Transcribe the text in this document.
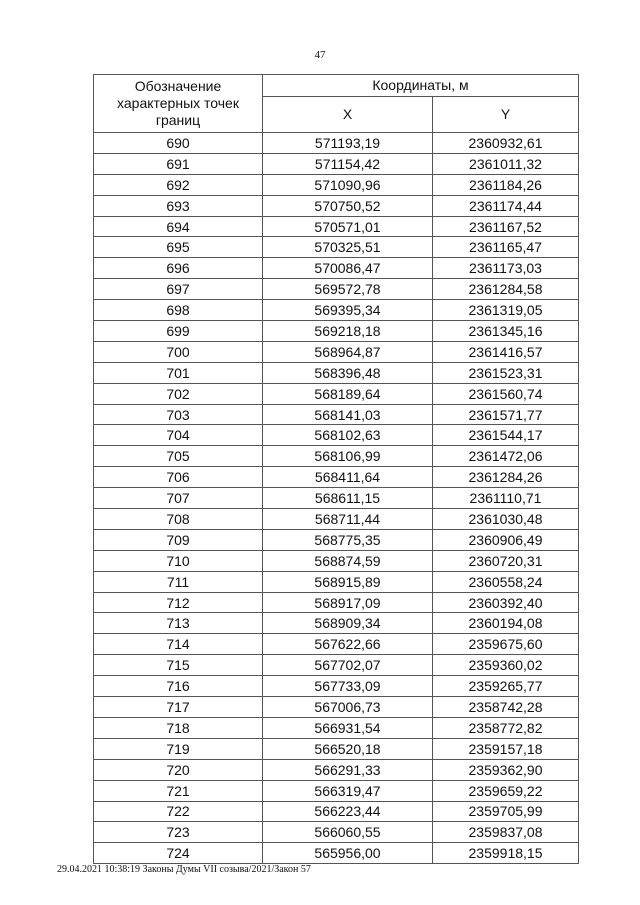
47
Обозначение характерных точек границ	Координаты, м	
	X	Y
690	571193,19	2360932,61
691	571154,42	2361011,32
692	571090,96	2361184,26
693	570750,52	2361174,44
694	570571,01	2361167,52
695	570325,51	2361165,47
696	570086,47	2361173,03
697	569572,78	2361284,58
698	569395,34	2361319,05
699	569218,18	2361345,16
700	568964,87	2361416,57
701	568396,48	2361523,31
702	568189,64	2361560,74
703	568141,03	2361571,77
704	568102,63	2361544,17
705	568106,99	2361472,06
706	568411,64	2361284,26
707	568611,15	2361110,71
708	568711,44	2361030,48
709	568775,35	2360906,49
710	568874,59	2360720,31
711	568915,89	2360558,24
712	568917,09	2360392,40
713	568909,34	2360194,08
714	567622,66	2359675,60
715	567702,07	2359360,02
716	567733,09	2359265,77
717	567006,73	2358742,28
718	566931,54	2358772,82
719	566520,18	2359157,18
720	566291,33	2359362,90
721	566319,47	2359659,22
722	566223,44	2359705,99
723	566060,55	2359837,08
724	565956,00	2359918,15
29.04.2021 10:38:19 Законы Думы VII созыва/2021/Закон 57
